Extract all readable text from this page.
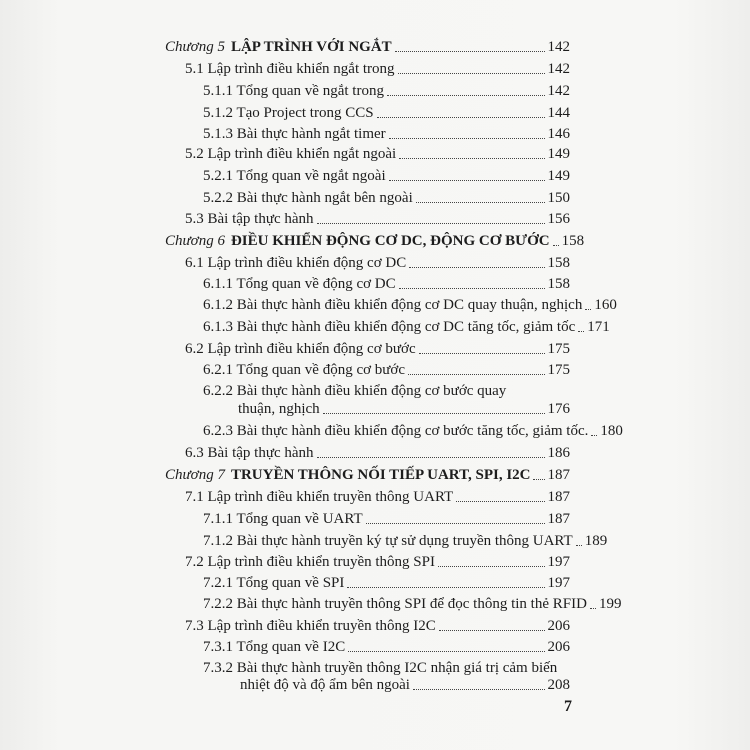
Chương 5 LẬP TRÌNH VỚI NGẮT	142
5.1 Lập trình điều khiển ngắt trong	142
5.1.1 Tổng quan về ngắt trong	142
5.1.2 Tạo Project trong CCS	144
5.1.3 Bài thực hành ngắt timer	146
5.2 Lập trình điều khiển ngắt ngoài	149
5.2.1 Tổng quan về ngắt ngoài	149
5.2.2 Bài thực hành ngắt bên ngoài	150
5.3 Bài tập thực hành	156
Chương 6 ĐIỀU KHIỂN ĐỘNG CƠ DC, ĐỘNG CƠ BƯỚC 158
6.1 Lập trình điều khiển động cơ DC	158
6.1.1 Tổng quan về động cơ DC	158
6.1.2 Bài thực hành điều khiển động cơ DC quay thuận, nghịch 160
6.1.3 Bài thực hành điều khiển động cơ DC tăng tốc, giảm tốc 171
6.2 Lập trình điều khiển động cơ bước	175
6.2.1 Tổng quan về động cơ bước	175
6.2.2 Bài thực hành điều khiển động cơ bước quay
thuận, nghịch	176
6.2.3 Bài thực hành điều khiển động cơ bước tăng tốc, giảm tốc. 180
6.3 Bài tập thực hành	186
Chương 7 TRUYỀN THÔNG NỐI TIẾP UART, SPI, I2C 187
7.1 Lập trình điều khiển truyền thông UART	187
7.1.1 Tổng quan về UART	187
7.1.2 Bài thực hành truyền ký tự sử dụng truyền thông UART 189
7.2 Lập trình điều khiển truyền thông SPI	197
7.2.1 Tổng quan về SPI	197
7.2.2 Bài thực hành truyền thông SPI để đọc thông tin thẻ RFID 199
7.3 Lập trình điều khiển truyền thông I2C	206
7.3.1 Tổng quan về I2C	206
7.3.2 Bài thực hành truyền thông I2C nhận giá trị cảm biến
nhiệt độ và độ ẩm bên ngoài	208
7
